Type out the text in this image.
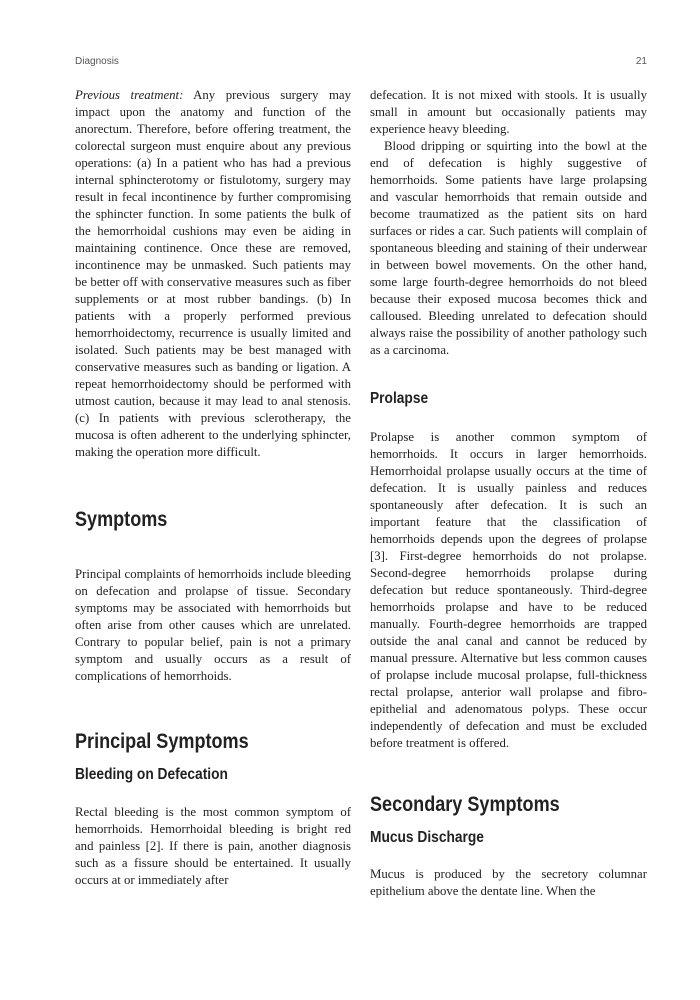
Diagnosis	21

Previous treatment: Any previous surgery may impact upon the anatomy and function of the anorectum. Therefore, before offering treatment, the colorectal surgeon must enquire about any previous operations: (a) In a patient who has had a previous internal sphincterotomy or fistulotomy, surgery may result in fecal incontinence by further compromising the sphincter function. In some patients the bulk of the hemorrhoidal cushions may even be aiding in maintaining continence. Once these are removed, incontinence may be unmasked. Such patients may be better off with conservative measures such as fiber supplements or at most rubber bandings. (b) In patients with a properly performed previous hemorrhoidectomy, recurrence is usually limited and isolated. Such patients may be best managed with conservative measures such as banding or ligation. A repeat hemorrhoidectomy should be performed with utmost caution, because it may lead to anal stenosis. (c) In patients with previous sclerotherapy, the mucosa is often adherent to the underlying sphincter, making the operation more difficult.

Symptoms

Principal complaints of hemorrhoids include bleeding on defecation and prolapse of tissue. Secondary symptoms may be associated with hemorrhoids but often arise from other causes which are unrelated. Contrary to popular belief, pain is not a primary symptom and usually occurs as a result of complications of hemorrhoids.

Principal Symptoms
Bleeding on Defecation

Rectal bleeding is the most common symptom of hemorrhoids. Hemorrhoidal bleeding is bright red and painless [2]. If there is pain, another diagnosis such as a fissure should be entertained. It usually occurs at or immediately after

defecation. It is not mixed with stools. It is usually small in amount but occasionally patients may experience heavy bleeding.

Blood dripping or squirting into the bowl at the end of defecation is highly suggestive of hemorrhoids. Some patients have large prolapsing and vascular hemorrhoids that remain outside and become traumatized as the patient sits on hard surfaces or rides a car. Such patients will complain of spontaneous bleeding and staining of their underwear in between bowel movements. On the other hand, some large fourth-degree hemorrhoids do not bleed because their exposed mucosa becomes thick and calloused. Bleeding unrelated to defecation should always raise the possibility of another pathology such as a carcinoma.

Prolapse

Prolapse is another common symptom of hemorrhoids. It occurs in larger hemorrhoids. Hemorrhoidal prolapse usually occurs at the time of defecation. It is usually painless and reduces spontaneously after defecation. It is such an important feature that the classification of hemorrhoids depends upon the degrees of prolapse [3]. First-degree hemorrhoids do not prolapse. Second-degree hemorrhoids prolapse during defecation but reduce spontaneously. Third-degree hemorrhoids prolapse and have to be reduced manually. Fourth-degree hemorrhoids are trapped outside the anal canal and cannot be reduced by manual pressure. Alternative but less common causes of prolapse include mucosal prolapse, full-thickness rectal prolapse, anterior wall prolapse and fibro-epithelial and adenomatous polyps. These occur independently of defecation and must be excluded before treatment is offered.

Secondary Symptoms
Mucus Discharge

Mucus is produced by the secretory columnar epithelium above the dentate line. When the
